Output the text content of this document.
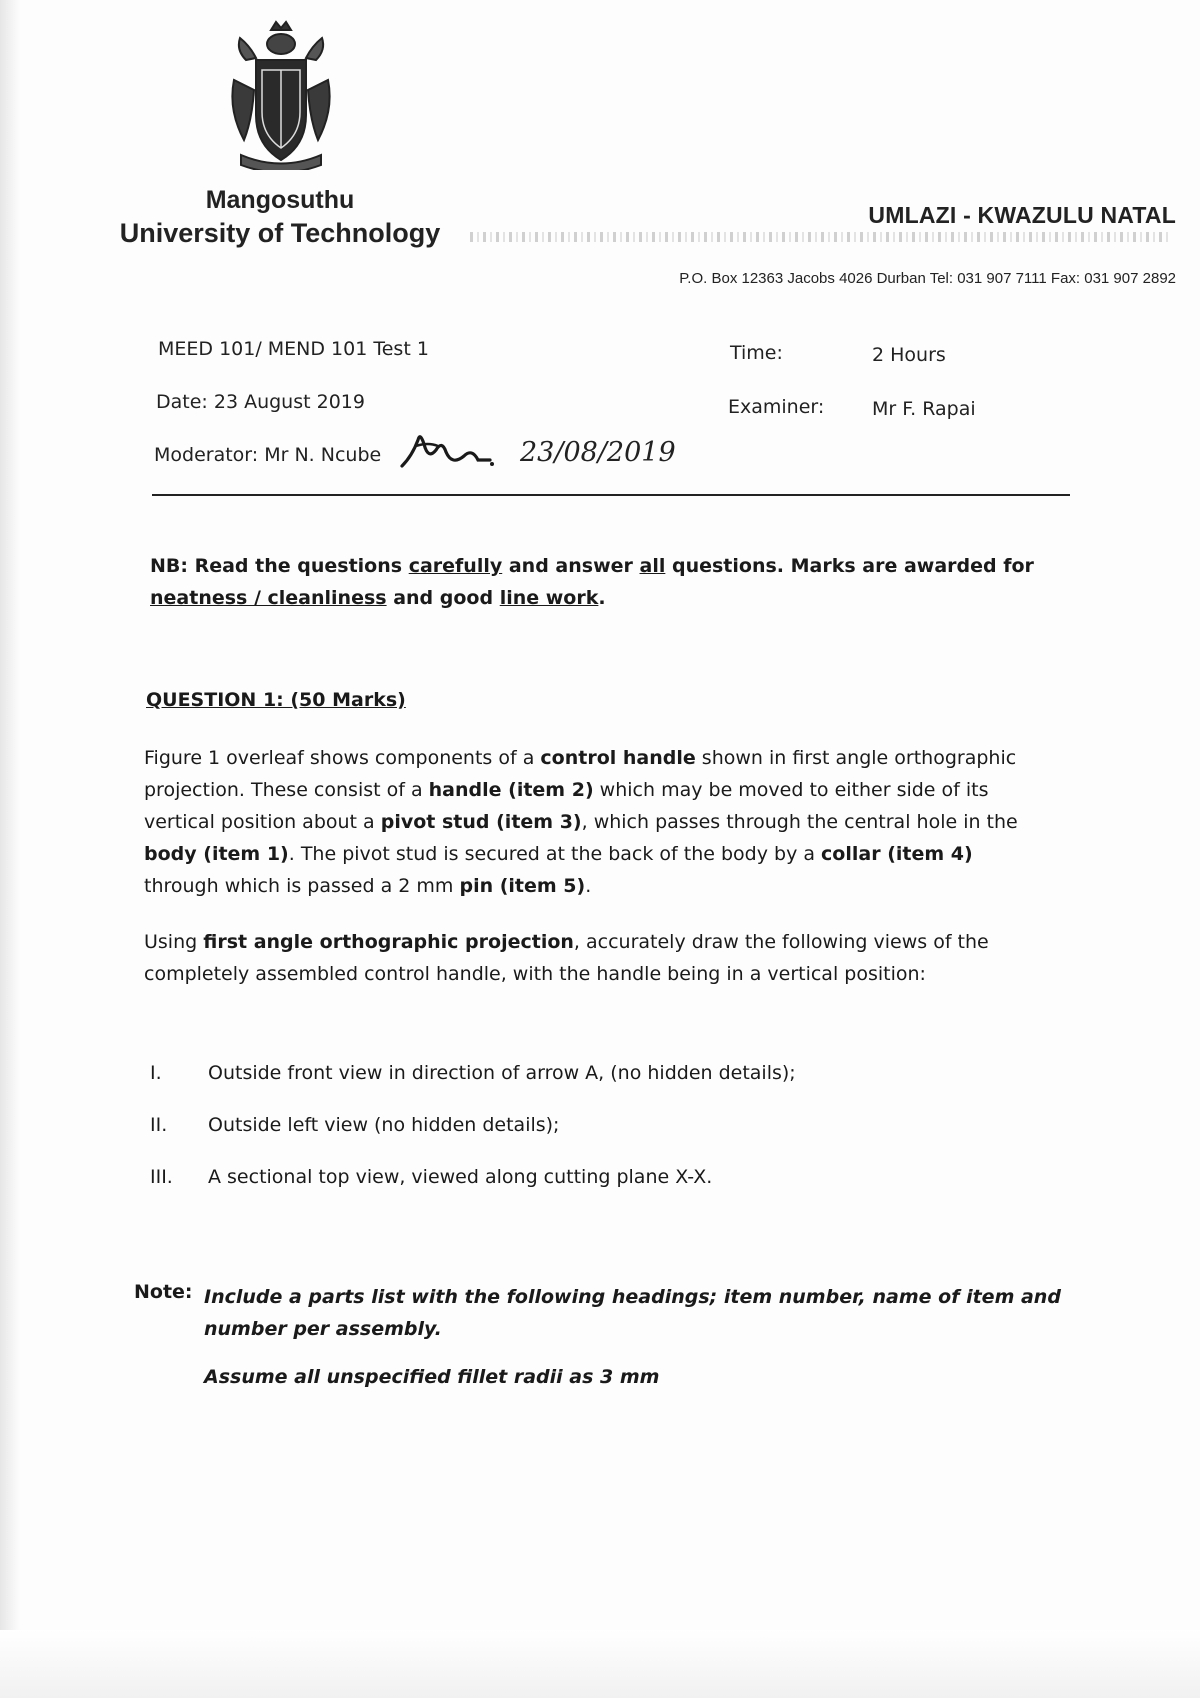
Mangosuthu
University of Technology
UMLAZI - KWAZULU NATAL
P.O. Box 12363 Jacobs 4026 Durban Tel: 031 907 7111 Fax: 031 907 2892
MEED 101/ MEND 101 Test 1	Time:	2 Hours
Date: 23 August 2019	Examiner:	Mr F. Rapai
Moderator: Mr N. Ncube	23/08/2019
NB: Read the questions carefully and answer all questions. Marks are awarded for neatness / cleanliness and good line work.
QUESTION 1: (50 Marks)
Figure 1 overleaf shows components of a control handle shown in first angle orthographic projection. These consist of a handle (item 2) which may be moved to either side of its vertical position about a pivot stud (item 3), which passes through the central hole in the body (item 1). The pivot stud is secured at the back of the body by a collar (item 4) through which is passed a 2 mm pin (item 5).
Using first angle orthographic projection, accurately draw the following views of the completely assembled control handle, with the handle being in a vertical position:
I.	Outside front view in direction of arrow A, (no hidden details);
II.	Outside left view (no hidden details);
III.	A sectional top view, viewed along cutting plane X-X.
Note: Include a parts list with the following headings; item number, name of item and number per assembly.
Assume all unspecified fillet radii as 3 mm
